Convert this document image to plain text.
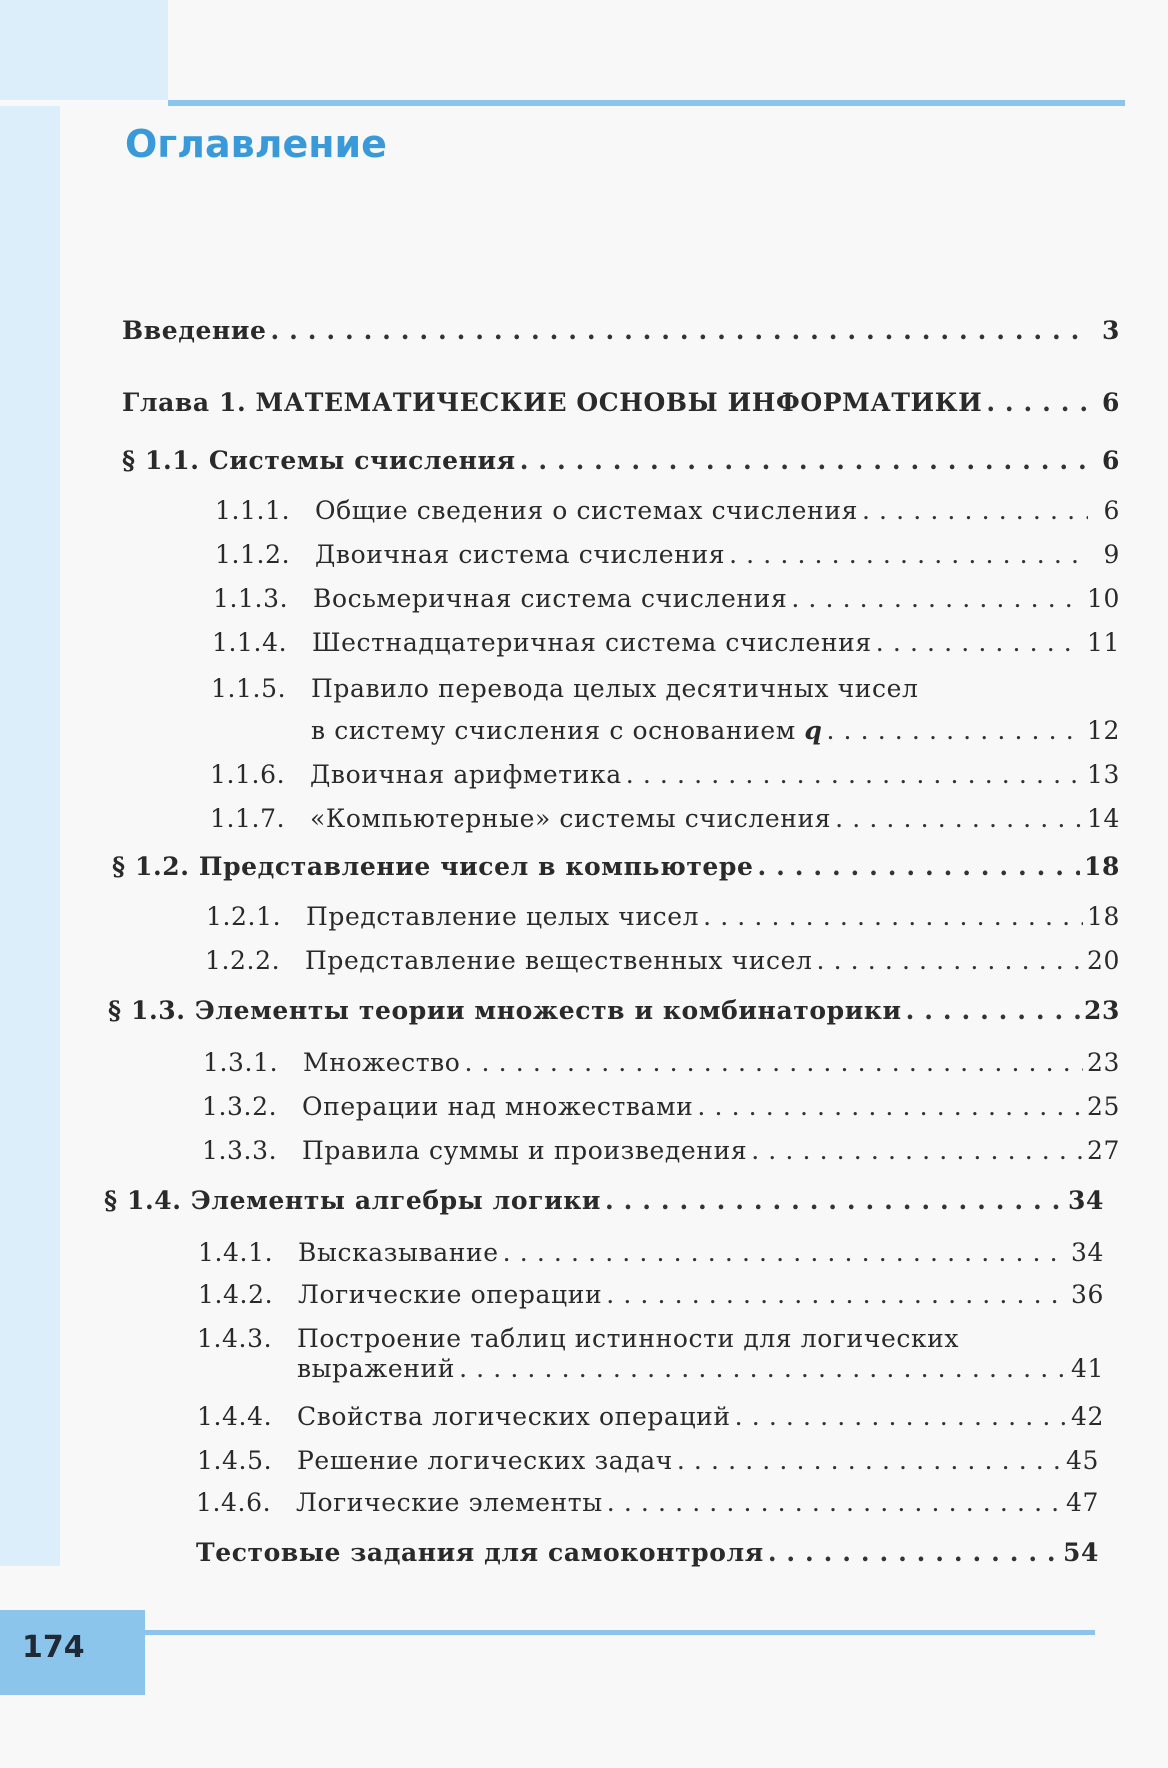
174
Оглавление
Введение . . .	3
Глава 1. МАТЕМАТИЧЕСКИЕ ОСНОВЫ ИНФОРМАТИКИ . . .	6
§ 1.1. Системы счисления . . .	6
1.1.1. Общие сведения о системах счисления . . .	6
1.1.2. Двоичная система счисления . . .	9
1.1.3. Восьмеричная система счисления . . .	10
1.1.4. Шестнадцатеричная система счисления . . .	11
1.1.5. Правило перевода целых десятичных чисел
в систему счисления с основанием q . . .	12
1.1.6. Двоичная арифметика . . .	13
1.1.7. «Компьютерные» системы счисления . . .	14
§ 1.2. Представление чисел в компьютере . . .	18
1.2.1. Представление целых чисел . . .	18
1.2.2. Представление вещественных чисел . . .	20
§ 1.3. Элементы теории множеств и комбинаторики . . .	23
1.3.1. Множество . . .	23
1.3.2. Операции над множествами . . .	25
1.3.3. Правила суммы и произведения . . .	27
§ 1.4. Элементы алгебры логики . . .	34
1.4.1. Высказывание . . .	34
1.4.2. Логические операции . . .	36
1.4.3. Построение таблиц истинности для логических
выражений . . .	41
1.4.4. Свойства логических операций . . .	42
1.4.5. Решение логических задач . . .	45
1.4.6. Логические элементы . . .	47
Тестовые задания для самоконтроля . . .	54
